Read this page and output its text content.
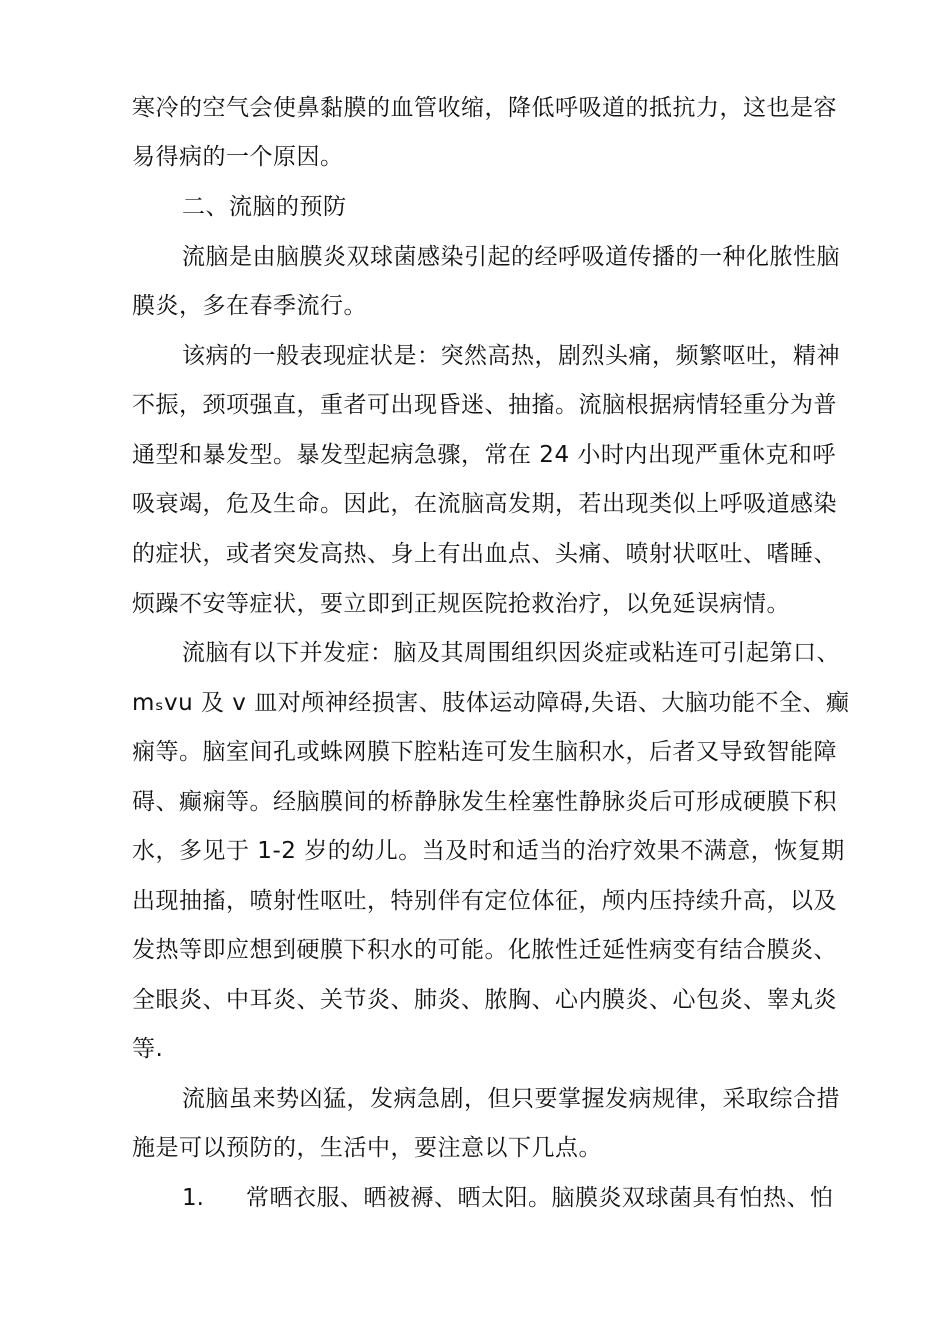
寒冷的空气会使鼻黏膜的血管收缩，降低呼吸道的抵抗力，这也是容
易得病的一个原因。
二、流脑的预防
流脑是由脑膜炎双球菌感染引起的经呼吸道传播的一种化脓性脑
膜炎，多在春季流行。
该病的一般表现症状是：突然高热，剧烈头痛，频繁呕吐，精神
不振，颈项强直，重者可出现昏迷、抽搐。流脑根据病情轻重分为普
通型和暴发型。暴发型起病急骤，常在 24 小时内出现严重休克和呼
吸衰竭，危及生命。因此，在流脑高发期，若出现类似上呼吸道感染
的症状，或者突发高热、身上有出血点、头痛、喷射状呕吐、嗜睡、
烦躁不安等症状，要立即到正规医院抢救治疗，以免延误病情。
流脑有以下并发症：脑及其周围组织因炎症或粘连可引起第口、
mₛvu 及 v 皿对颅神经损害、肢体运动障碍,失语、大脑功能不全、癫
痫等。脑室间孔或蛛网膜下腔粘连可发生脑积水，后者又导致智能障
碍、癫痫等。经脑膜间的桥静脉发生栓塞性静脉炎后可形成硬膜下积
水，多见于 1-2 岁的幼儿。当及时和适当的治疗效果不满意，恢复期
出现抽搐，喷射性呕吐，特别伴有定位体征，颅内压持续升高，以及
发热等即应想到硬膜下积水的可能。化脓性迁延性病变有结合膜炎、
全眼炎、中耳炎、关节炎、肺炎、脓胸、心内膜炎、心包炎、睾丸炎
等.
流脑虽来势凶猛，发病急剧，但只要掌握发病规律，采取综合措
施是可以预防的，生活中，要注意以下几点。
1. 常晒衣服、晒被褥、晒太阳。脑膜炎双球菌具有怕热、怕
